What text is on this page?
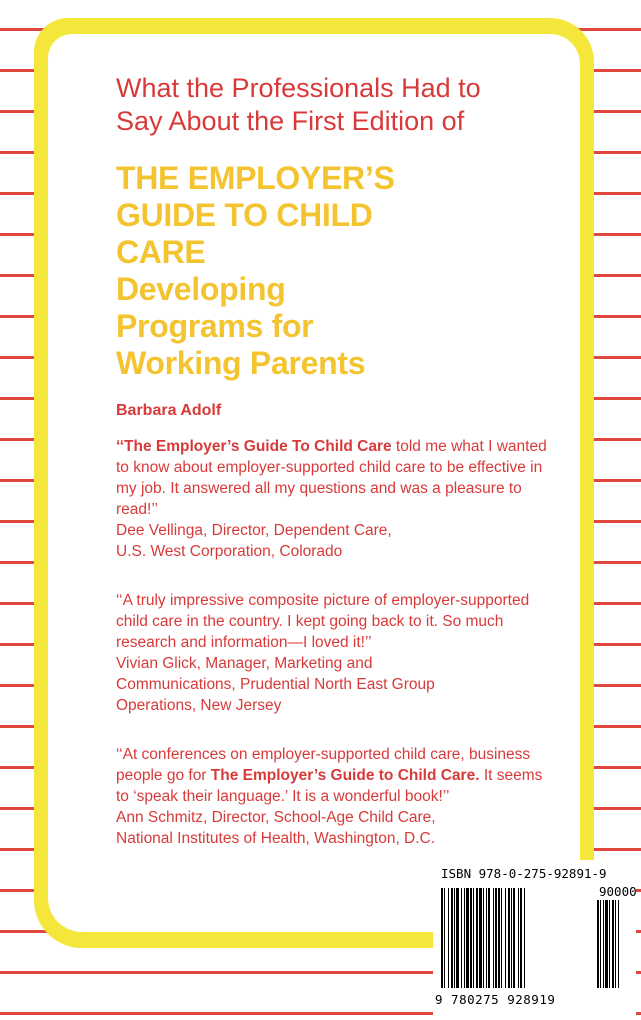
What the Professionals Had to
Say About the First Edition of
THE EMPLOYER’S
GUIDE TO CHILD
CARE
Developing
Programs for
Working Parents
Barbara Adolf
‘‘The Employer’s Guide To Child Care told me what I wanted to know about employer-supported child care to be effective in my job. It answered all my questions and was a pleasure to read!’’
Dee Vellinga, Director, Dependent Care,
U.S. West Corporation, Colorado
‘‘A truly impressive composite picture of employer-supported child care in the country. I kept going back to it. So much research and information—I loved it!’’
Vivian Glick, Manager, Marketing and
Communications, Prudential North East Group
Operations, New Jersey
‘‘At conferences on employer-supported child care, business people go for The Employer’s Guide to Child Care. It seems to ‘speak their language.’ It is a wonderful book!’’
Ann Schmitz, Director, School-Age Child Care,
National Institutes of Health, Washington, D.C.
ISBN 978-0-275-92891-9
90000
9 780275 928919
